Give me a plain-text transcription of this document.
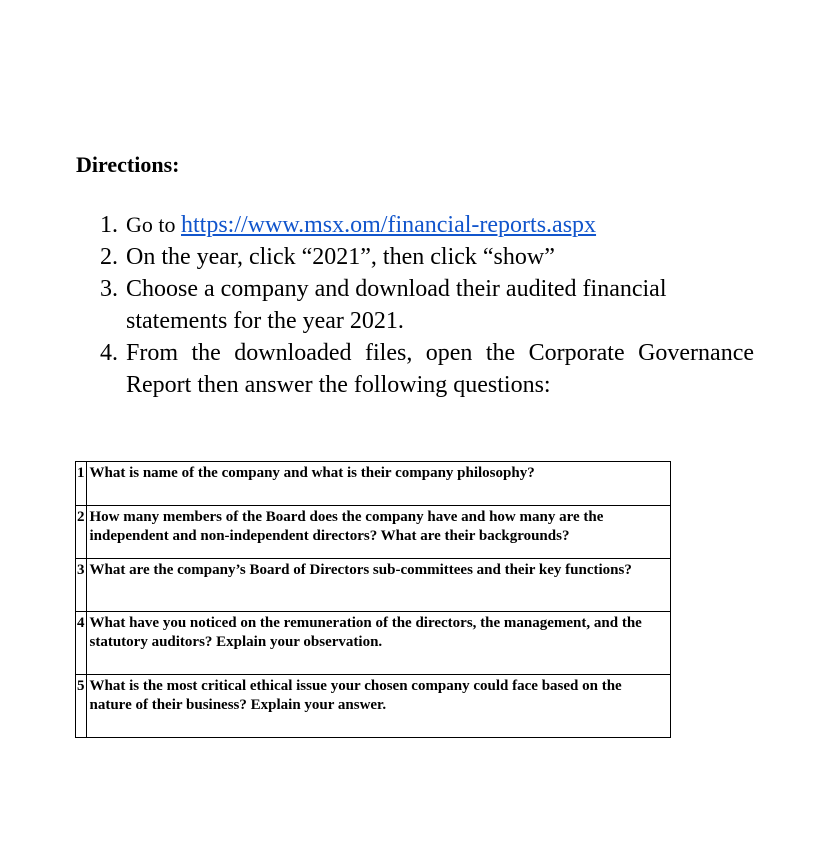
Directions:
1. Go to https://www.msx.om/financial-reports.aspx
2. On the year, click “2021”, then click “show”
3. Choose a company and download their audited financial statements for the year 2021.
4. From the downloaded files, open the Corporate Governance Report then answer the following questions:
1	What is name of the company and what is their company philosophy?
2	How many members of the Board does the company have and how many are the independent and non-independent directors? What are their backgrounds?
3	What are the company’s Board of Directors sub-committees and their key functions?
4	What have you noticed on the remuneration of the directors, the management, and the statutory auditors? Explain your observation.
5	What is the most critical ethical issue your chosen company could face based on the nature of their business? Explain your answer.
